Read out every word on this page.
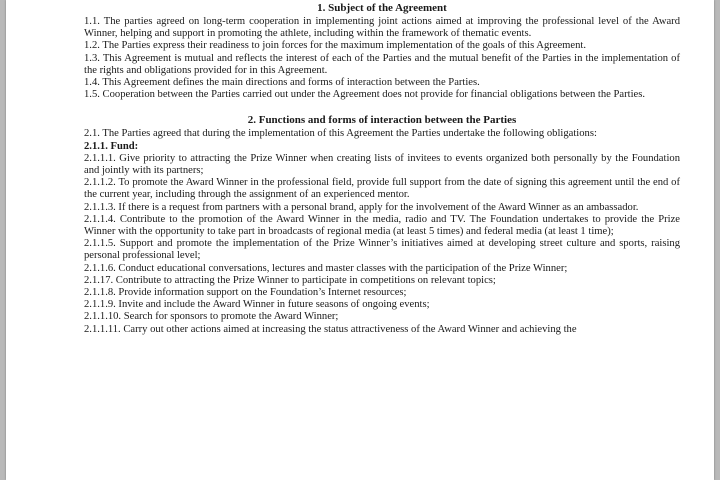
1. Subject of the Agreement

1.1. The parties agreed on long-term cooperation in implementing joint actions aimed at improving the professional level of the Award Winner, helping and support in promoting the athlete, including within the framework of thematic events.

1.2. The Parties express their readiness to join forces for the maximum implementation of the goals of this Agreement.

1.3. This Agreement is mutual and reflects the interest of each of the Parties and the mutual benefit of the Parties in the implementation of the rights and obligations provided for in this Agreement.

1.4. This Agreement defines the main directions and forms of interaction between the Parties.

1.5. Cooperation between the Parties carried out under the Agreement does not provide for financial obligations between the Parties.

2. Functions and forms of interaction between the Parties

2.1. The Parties agreed that during the implementation of this Agreement the Parties undertake the following obligations:

2.1.1. Fund:

2.1.1.1. Give priority to attracting the Prize Winner when creating lists of invitees to events organized both personally by the Foundation and jointly with its partners;

2.1.1.2. To promote the Award Winner in the professional field, provide full support from the date of signing this agreement until the end of the current year, including through the assignment of an experienced mentor.

2.1.1.3. If there is a request from partners with a personal brand, apply for the involvement of the Award Winner as an ambassador.

2.1.1.4. Contribute to the promotion of the Award Winner in the media, radio and TV. The Foundation undertakes to provide the Prize Winner with the opportunity to take part in broadcasts of regional media (at least 5 times) and federal media (at least 1 time);

2.1.1.5. Support and promote the implementation of the Prize Winner’s initiatives aimed at developing street culture and sports, raising personal professional level;

2.1.1.6. Conduct educational conversations, lectures and master classes with the participation of the Prize Winner;

2.1.17. Contribute to attracting the Prize Winner to participate in competitions on relevant topics;

2.1.1.8. Provide information support on the Foundation’s Internet resources;

2.1.1.9. Invite and include the Award Winner in future seasons of ongoing events;

2.1.1.10. Search for sponsors to promote the Award Winner;

2.1.1.11. Carry out other actions aimed at increasing the status attractiveness of the Award Winner and achieving the
